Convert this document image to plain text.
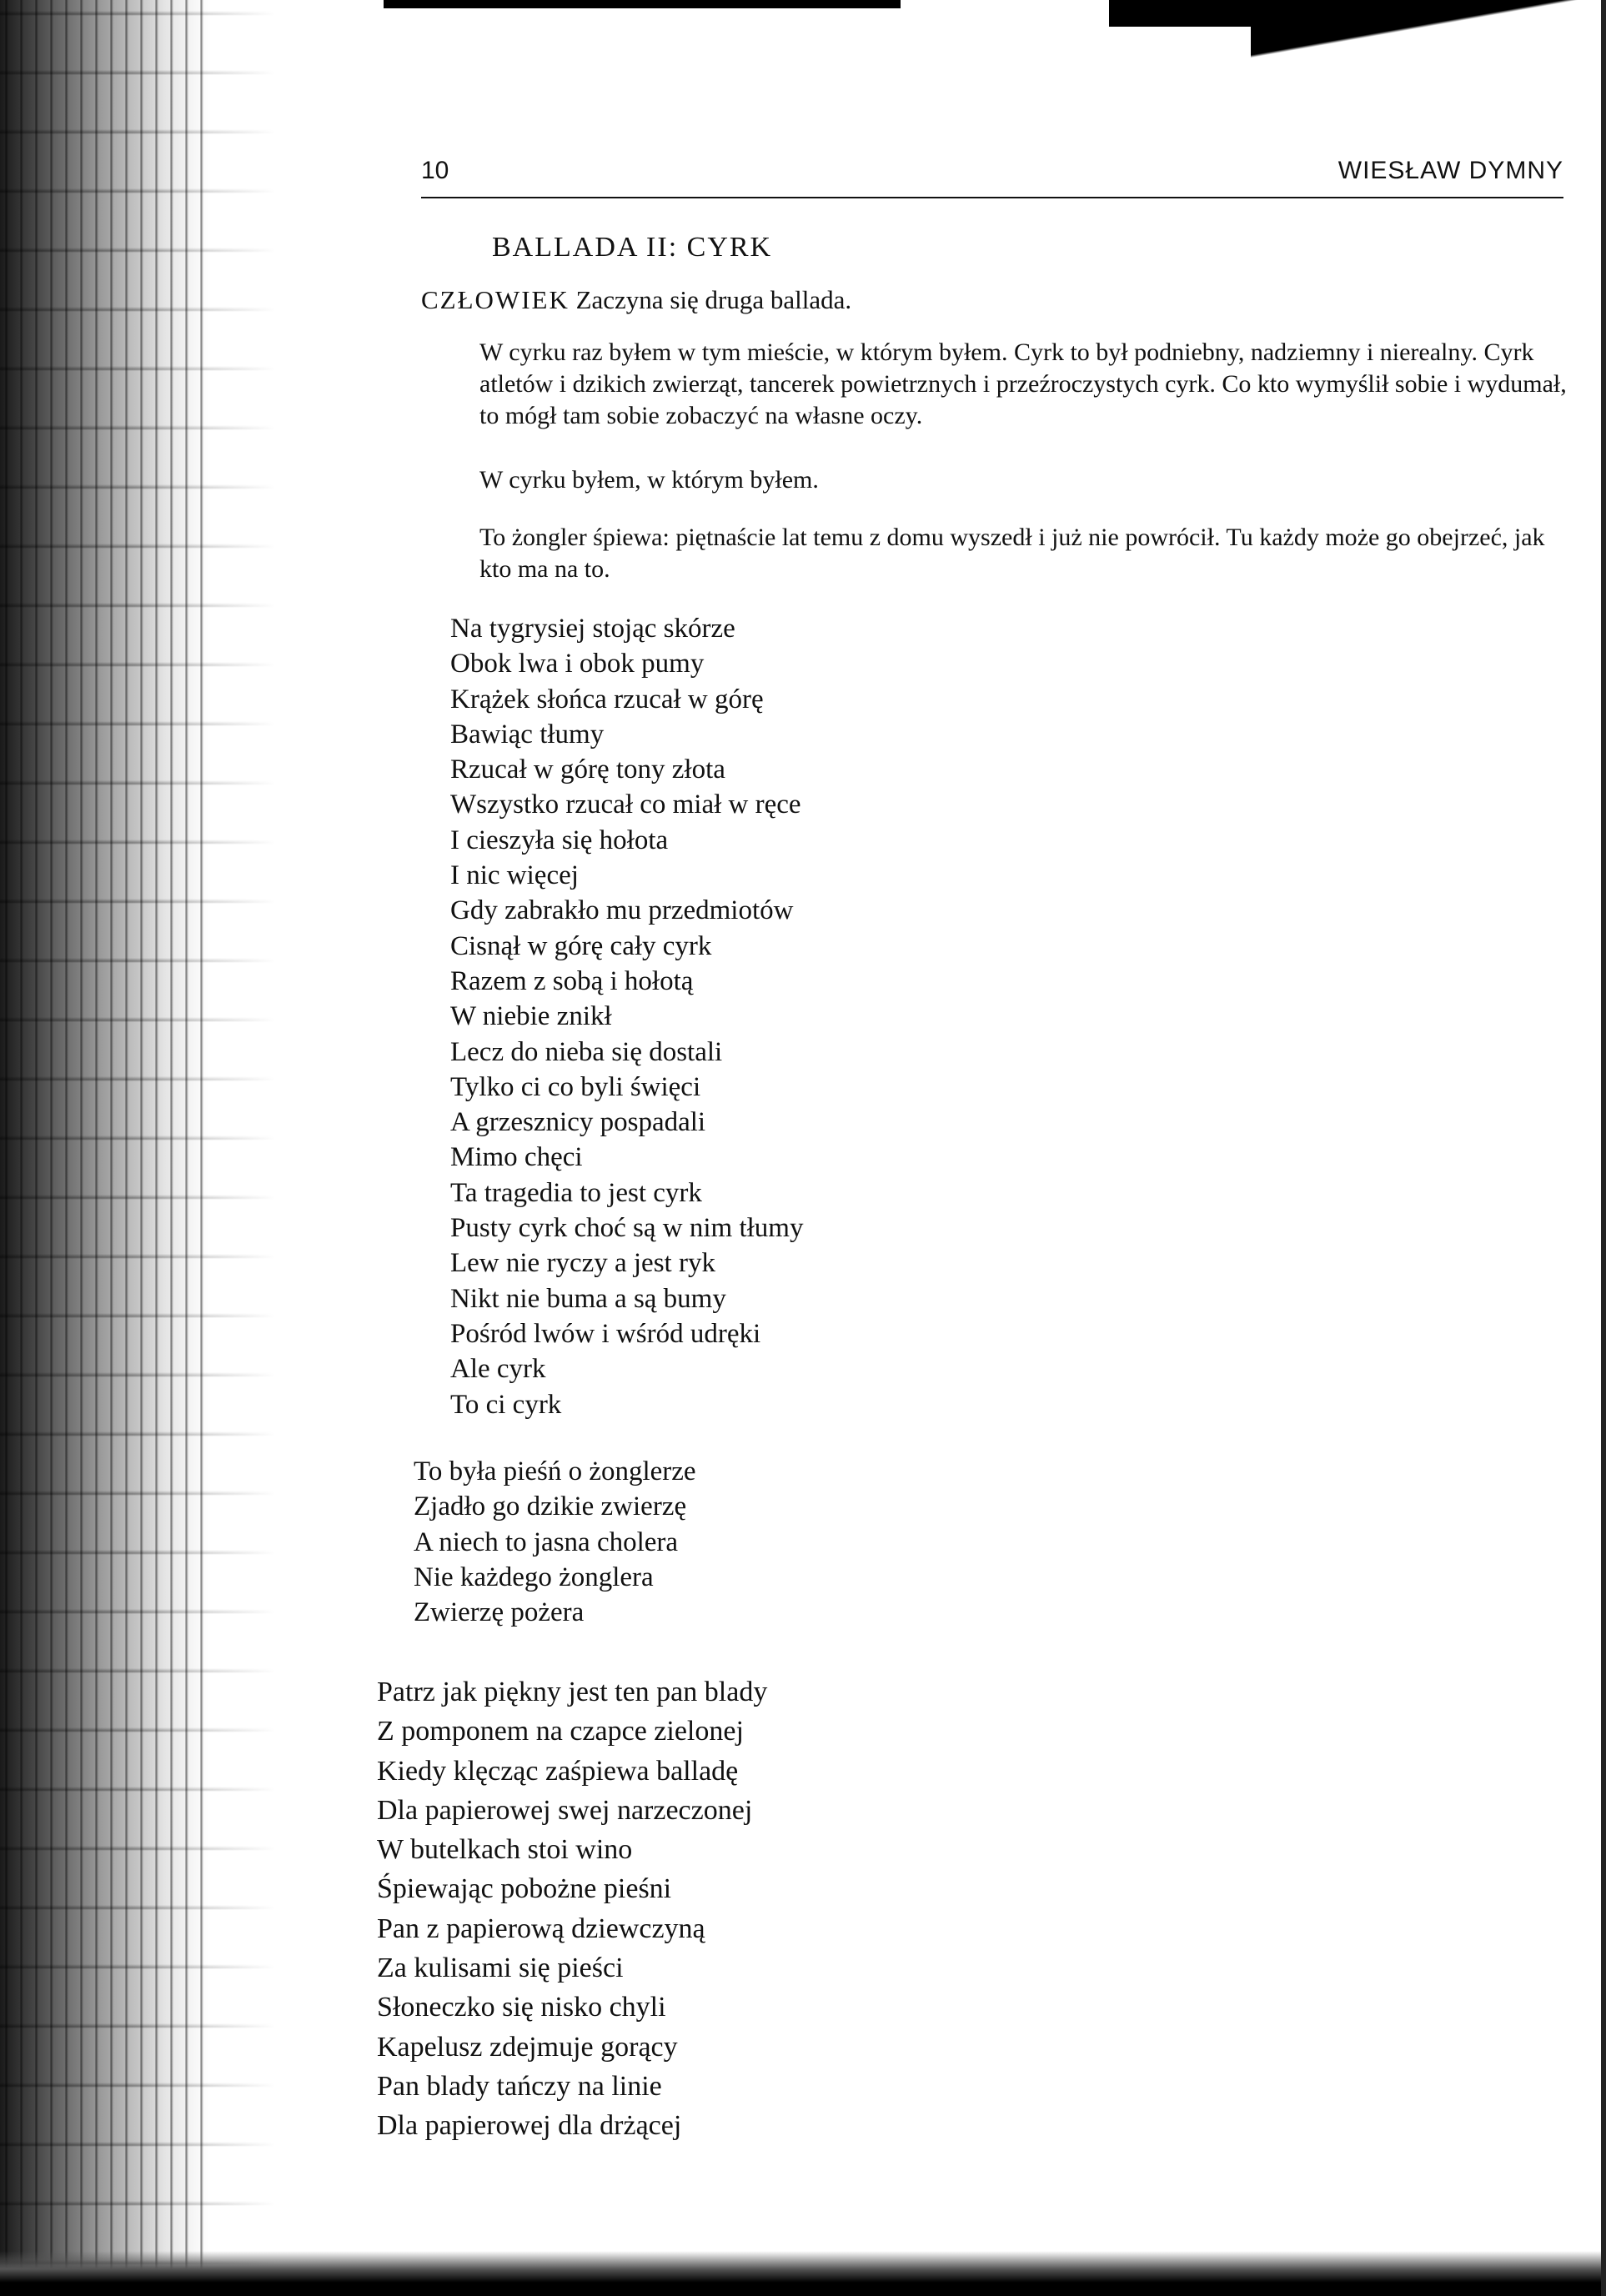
10	WIESŁAW DYMNY
BALLADA II: CYRK
CZŁOWIEK Zaczyna się druga ballada.
W cyrku raz byłem w tym mieście, w którym byłem. Cyrk to był podniebny, nadziemny i nierealny. Cyrk atletów i dzikich zwierząt, tancerek powietrznych i przeźroczystych cyrk. Co kto wymyślił sobie i wydumał, to mógł tam sobie zobaczyć na własne oczy.
W cyrku byłem, w którym byłem.
To żongler śpiewa: piętnaście lat temu z domu wyszedł i już nie powrócił. Tu każdy może go obejrzeć, jak kto ma na to.
Na tygrysiej stojąc skórze
Obok lwa i obok pumy
Krążek słońca rzucał w górę
Bawiąc tłumy
Rzucał w górę tony złota
Wszystko rzucał co miał w ręce
I cieszyła się hołota
I nic więcej
Gdy zabrakło mu przedmiotów
Cisnął w górę cały cyrk
Razem z sobą i hołotą
W niebie znikł
Lecz do nieba się dostali
Tylko ci co byli święci
A grzesznicy pospadali
Mimo chęci
Ta tragedia to jest cyrk
Pusty cyrk choć są w nim tłumy
Lew nie ryczy a jest ryk
Nikt nie buma a są bumy
Pośród lwów i wśród udręki
Ale cyrk
To ci cyrk
To była pieśń o żonglerze
Zjadło go dzikie zwierzę
A niech to jasna cholera
Nie każdego żonglera
Zwierzę pożera
Patrz jak piękny jest ten pan blady
Z pomponem na czapce zielonej
Kiedy klęcząc zaśpiewa balladę
Dla papierowej swej narzeczonej
W butelkach stoi wino
Śpiewając pobożne pieśni
Pan z papierową dziewczyną
Za kulisami się pieści
Słoneczko się nisko chyli
Kapelusz zdejmuje gorący
Pan blady tańczy na linie
Dla papierowej dla drżącej
